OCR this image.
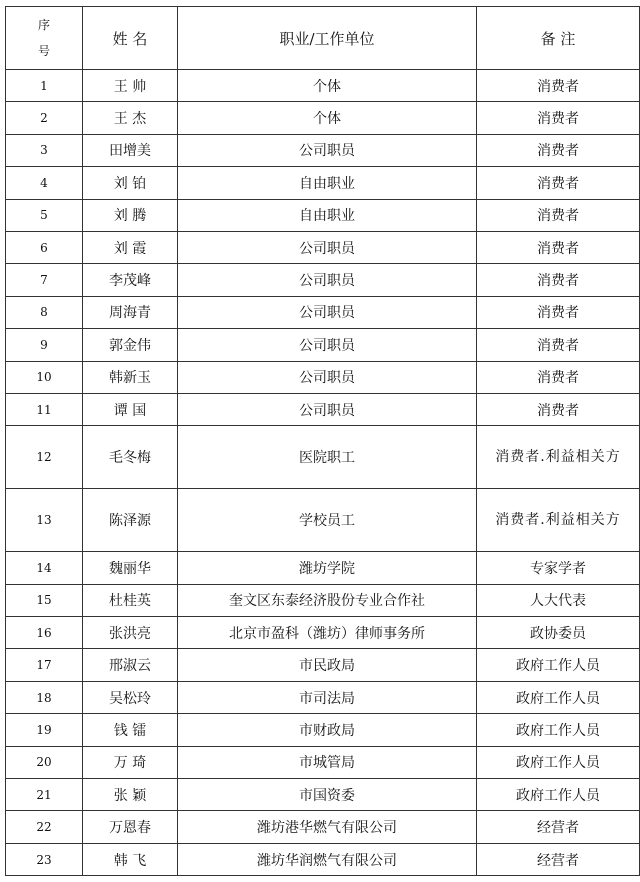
序号	姓 名	职业/工作单位	备 注
1	王 帅	个体	消费者
2	王 杰	个体	消费者
3	田增美	公司职员	消费者
4	刘 铂	自由职业	消费者
5	刘 腾	自由职业	消费者
6	刘 霞	公司职员	消费者
7	李茂峰	公司职员	消费者
8	周海青	公司职员	消费者
9	郭金伟	公司职员	消费者
10	韩新玉	公司职员	消费者
11	谭 国	公司职员	消费者
12	毛冬梅	医院职工	消费者.利益相关方
13	陈泽源	学校员工	消费者.利益相关方
14	魏丽华	潍坊学院	专家学者
15	杜桂英	奎文区东泰经济股份专业合作社	人大代表
16	张洪亮	北京市盈科（潍坊）律师事务所	政协委员
17	邢淑云	市民政局	政府工作人员
18	吴松玲	市司法局	政府工作人员
19	钱 镭	市财政局	政府工作人员
20	万 琦	市城管局	政府工作人员
21	张 颖	市国资委	政府工作人员
22	万恩春	潍坊港华燃气有限公司	经营者
23	韩 飞	潍坊华润燃气有限公司	经营者
